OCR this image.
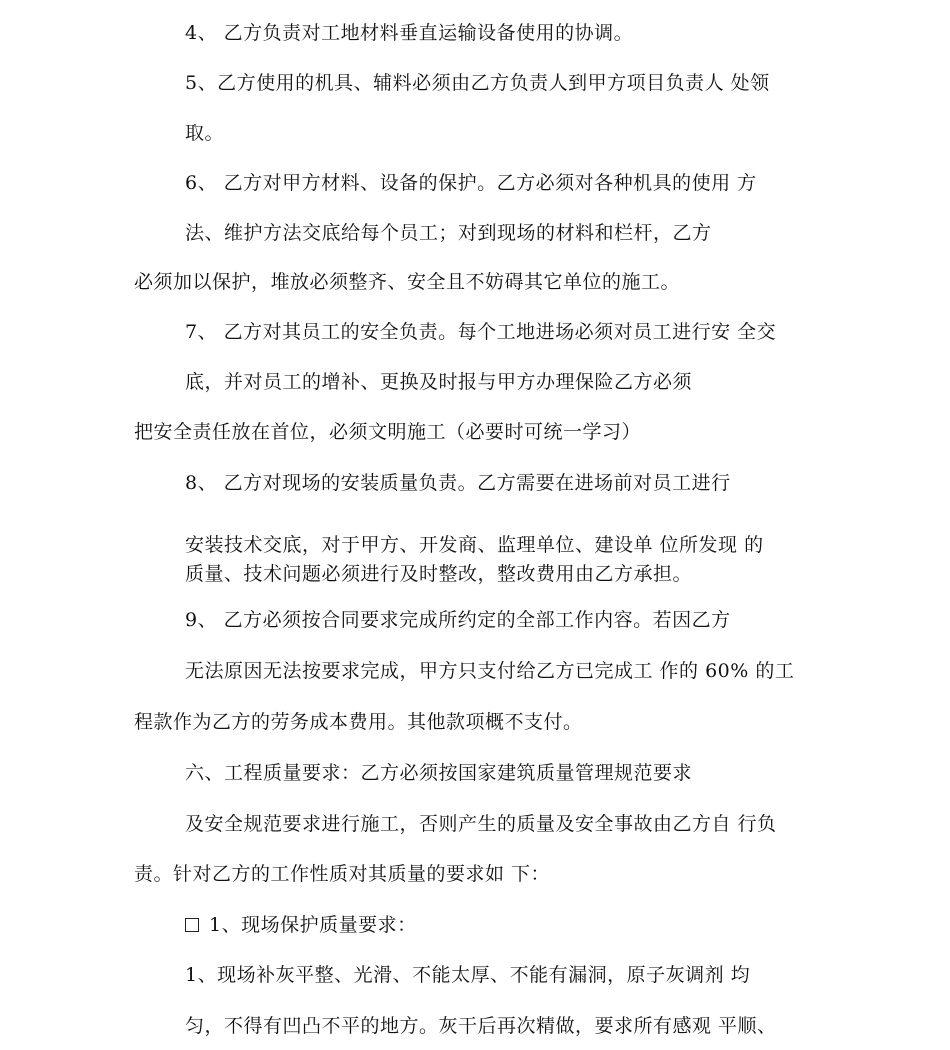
4、 乙方负责对工地材料垂直运输设备使用的协调。
5、乙方使用的机具、辅料必须由乙方负责人到甲方项目负责人 处领
取。
6、 乙方对甲方材料、设备的保护。乙方必须对各种机具的使用 方
法、维护方法交底给每个员工；对到现场的材料和栏杆，乙方
必须加以保护，堆放必须整齐、安全且不妨碍其它单位的施工。
7、 乙方对其员工的安全负责。每个工地进场必须对员工进行安 全交
底，并对员工的增补、更换及时报与甲方办理保险乙方必须
把安全责任放在首位，必须文明施工（必要时可统一学习）
8、 乙方对现场的安装质量负责。乙方需要在进场前对员工进行
安装技术交底，对于甲方、开发商、监理单位、建设单 位所发现 的
质量、技术问题必须进行及时整改，整改费用由乙方承担。
9、 乙方必须按合同要求完成所约定的全部工作内容。若因乙方
无法原因无法按要求完成，甲方只支付给乙方已完成工 作的 60% 的工
程款作为乙方的劳务成本费用。其他款项概不支付。
六、工程质量要求：乙方必须按国家建筑质量管理规范要求
及安全规范要求进行施工，否则产生的质量及安全事故由乙方自 行负
责。针对乙方的工作性质对其质量的要求如 下：
1、现场保护质量要求：
1、现场补灰平整、光滑、不能太厚、不能有漏洞，原子灰调剂 均
匀，不得有凹凸不平的地方。灰干后再次精做，要求所有感观 平顺、
